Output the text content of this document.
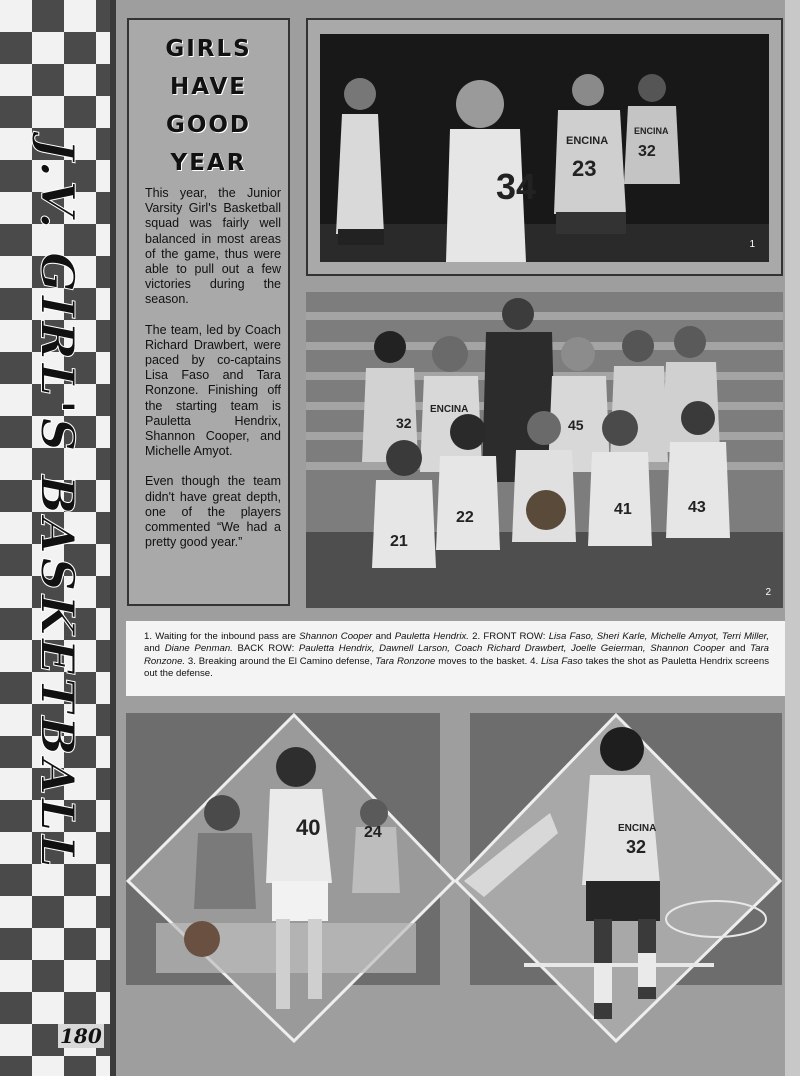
J.V. GIRL'S BASKETBALL
180
GIRLS
HAVE
GOOD
YEAR

This year, the Junior Varsity Girl's Basketball squad was fairly well balanced in most areas of the game, thus were able to pull out a few victories during the season.

The team, led by Coach Richard Drawbert, were paced by co-captains Lisa Faso and Tara Ronzone. Finishing off the starting team is Pauletta Hendrix, Shannon Cooper, and Michelle Amyot.

Even though the team didn't have great depth, one of the players commented “We had a pretty good year.”

34
ENCINA
23
ENCINA
32
1
32
ENCINA
45
21
22	41	43
2
1. Waiting for the inbound pass are Shannon Cooper and Pauletta Hendrix. 2. FRONT ROW: Lisa Faso, Sheri Karle, Michelle Amyot, Terri Miller, and Diane Penman. BACK ROW: Pauletta Hendrix, Dawnell Larson, Coach Richard Drawbert, Joelle Geierman, Shannon Cooper and Tara Ronzone. 3. Breaking around the El Camino defense, Tara Ronzone moves to the basket. 4. Lisa Faso takes the shot as Pauletta Hendrix screens out the defense.
40	24	ENCINA
32
